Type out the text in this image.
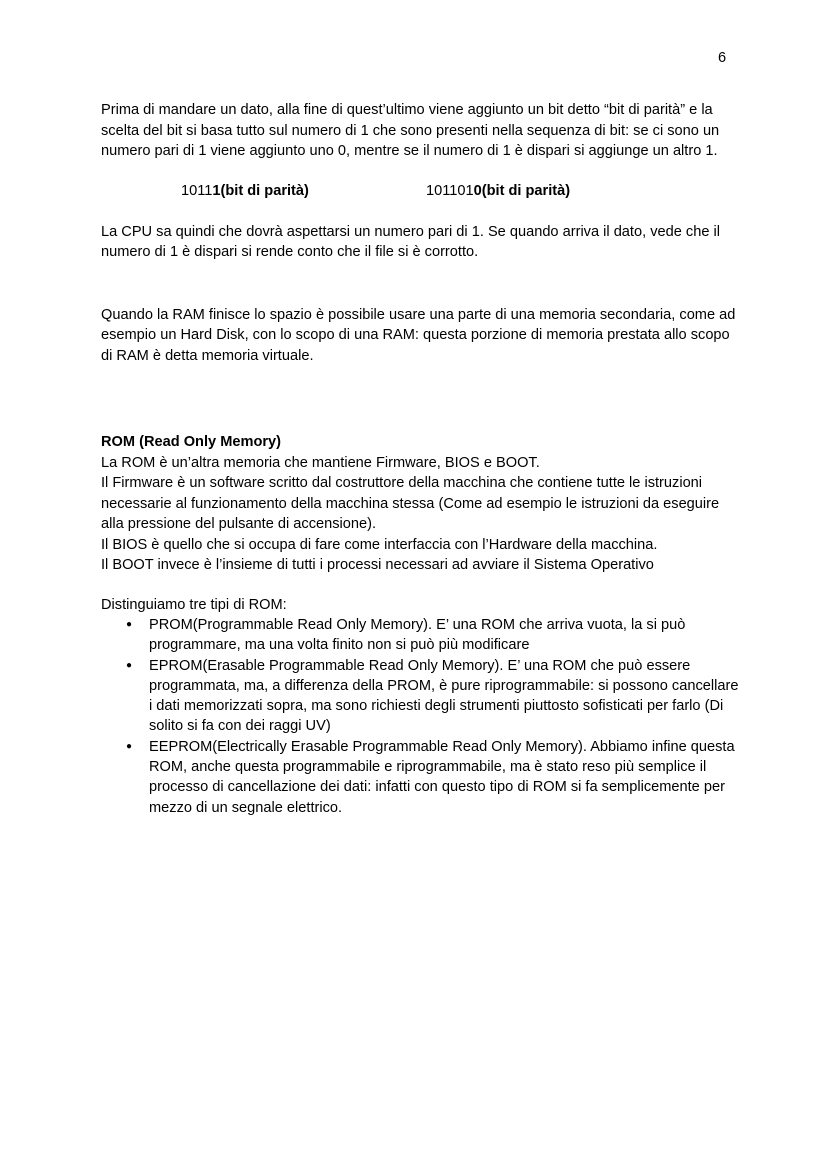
6

Prima di mandare un dato, alla fine di quest’ultimo viene aggiunto un bit detto “bit di parità” e la scelta del bit si basa tutto sul numero di 1 che sono presenti nella sequenza di bit: se ci sono un numero pari di 1 viene aggiunto uno 0, mentre se il numero di 1 è dispari si aggiunge un altro 1.

10111(bit di parità)	1011010(bit di parità)

La CPU sa quindi che dovrà aspettarsi un numero pari di 1. Se quando arriva il dato, vede che il numero di 1 è dispari si rende conto che il file si è corrotto.

Quando la RAM finisce lo spazio è possibile usare una parte di una memoria secondaria, come ad esempio un Hard Disk, con lo scopo di una RAM: questa porzione di memoria prestata allo scopo di RAM è detta memoria virtuale.

ROM (Read Only Memory)

La ROM è un’altra memoria che mantiene Firmware, BIOS e BOOT.

Il Firmware è un software scritto dal costruttore della macchina che contiene tutte le istruzioni necessarie al funzionamento della macchina stessa (Come ad esempio le istruzioni da eseguire alla pressione del pulsante di accensione).

Il BIOS è quello che si occupa di fare come interfaccia con l’Hardware della macchina.

Il BOOT invece è l’insieme di tutti i processi necessari ad avviare il Sistema Operativo

Distinguiamo tre tipi di ROM:

● PROM(Programmable Read Only Memory). E’ una ROM che arriva vuota, la si può programmare, ma una volta finito non si può più modificare
● EPROM(Erasable Programmable Read Only Memory). E’ una ROM che può essere programmata, ma, a differenza della PROM, è pure riprogrammabile: si possono cancellare i dati memorizzati sopra, ma sono richiesti degli strumenti piuttosto sofisticati per farlo (Di solito si fa con dei raggi UV)
● EEPROM(Electrically Erasable Programmable Read Only Memory). Abbiamo infine questa ROM, anche questa programmabile e riprogrammabile, ma è stato reso più semplice il processo di cancellazione dei dati: infatti con questo tipo di ROM si fa semplicemente per mezzo di un segnale elettrico.
